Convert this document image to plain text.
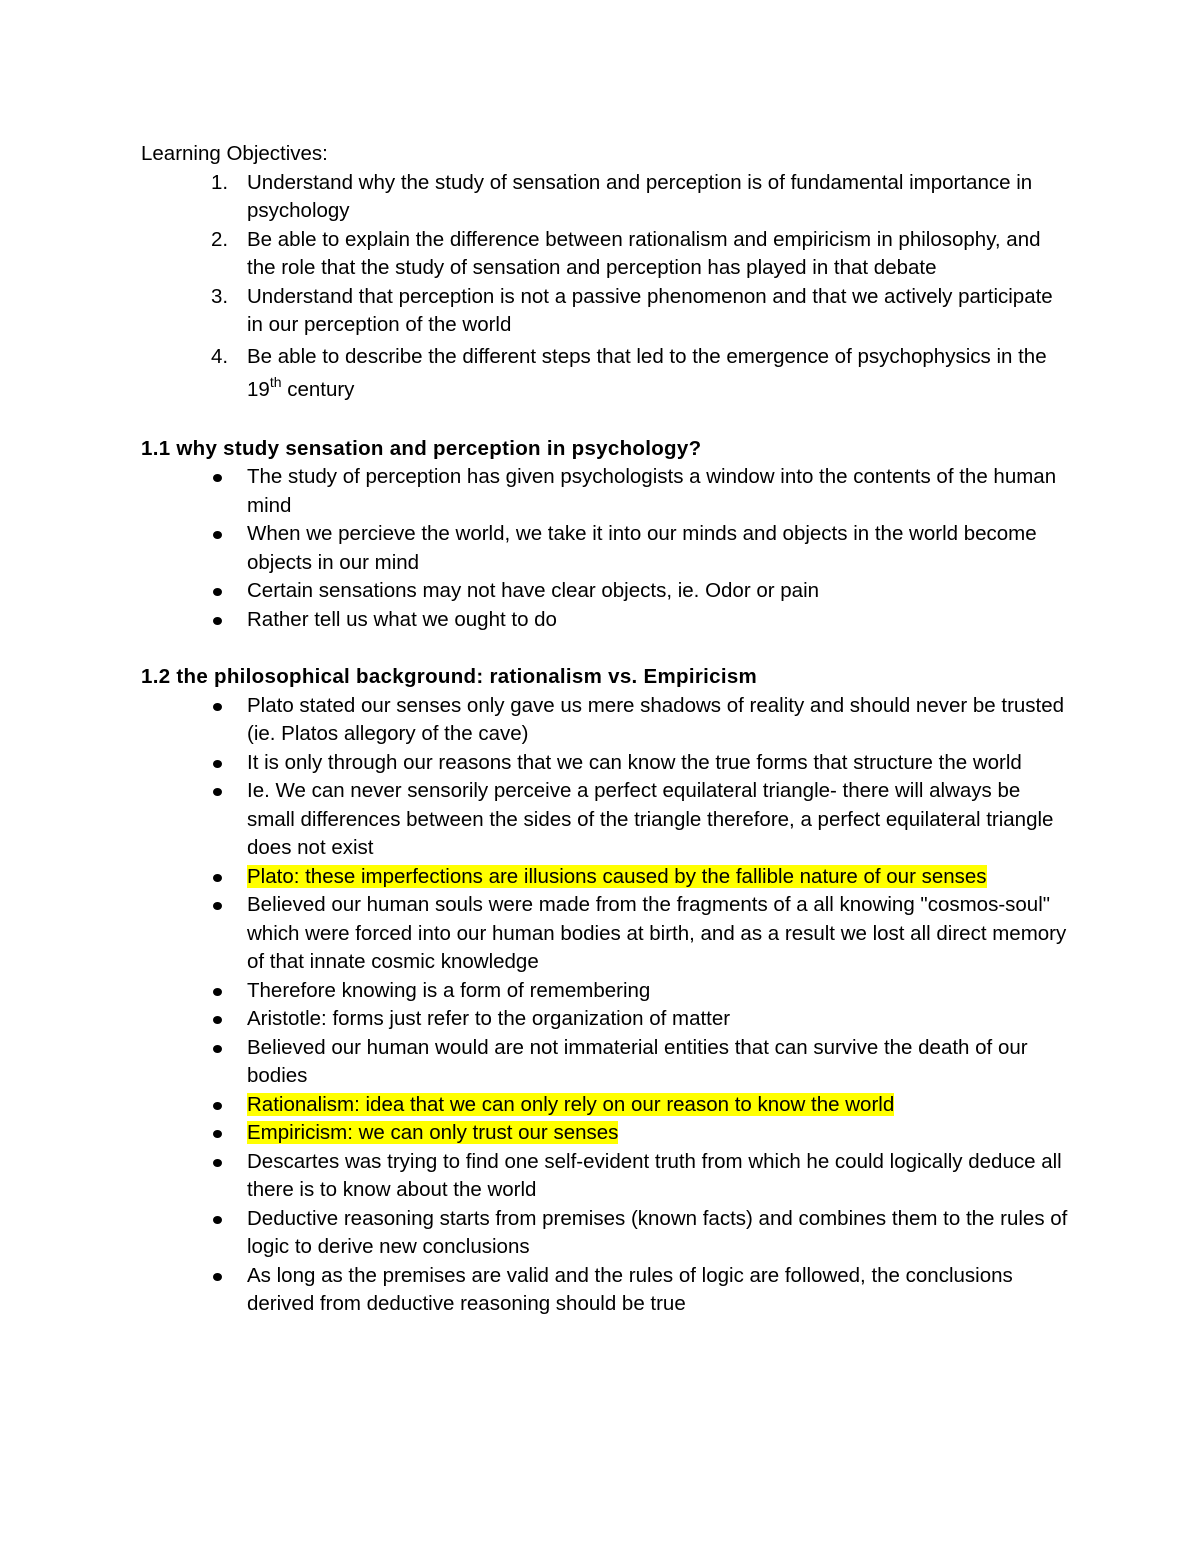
Learning Objectives:
1. Understand why the study of sensation and perception is of fundamental importance in psychology
2. Be able to explain the difference between rationalism and empiricism in philosophy, and the role that the study of sensation and perception has played in that debate
3. Understand that perception is not a passive phenomenon and that we actively participate in our perception of the world
4. Be able to describe the different steps that led to the emergence of psychophysics in the 19th century
1.1 why study sensation and perception in psychology?
The study of perception has given psychologists a window into the contents of the human mind
When we percieve the world, we take it into our minds and objects in the world become objects in our mind
Certain sensations may not have clear objects, ie. Odor or pain
Rather tell us what we ought to do
1.2 the philosophical background: rationalism vs. Empiricism
Plato stated our senses only gave us mere shadows of reality and should never be trusted (ie. Platos allegory of the cave)
It is only through our reasons that we can know the true forms that structure the world
Ie. We can never sensorily perceive a perfect equilateral triangle- there will always be small differences between the sides of the triangle therefore, a perfect equilateral triangle does not exist
Plato: these imperfections are illusions caused by the fallible nature of our senses
Believed our human souls were made from the fragments of a all knowing "cosmos-soul" which were forced into our human bodies at birth, and as a result we lost all direct memory of that innate cosmic knowledge
Therefore knowing is a form of remembering
Aristotle: forms just refer to the organization of matter
Believed our human would are not immaterial entities that can survive the death of our bodies
Rationalism: idea that we can only rely on our reason to know the world
Empiricism: we can only trust our senses
Descartes was trying to find one self-evident truth from which he could logically deduce all there is to know about the world
Deductive reasoning starts from premises (known facts) and combines them to the rules of logic to derive new conclusions
As long as the premises are valid and the rules of logic are followed, the conclusions derived from deductive reasoning should be true
